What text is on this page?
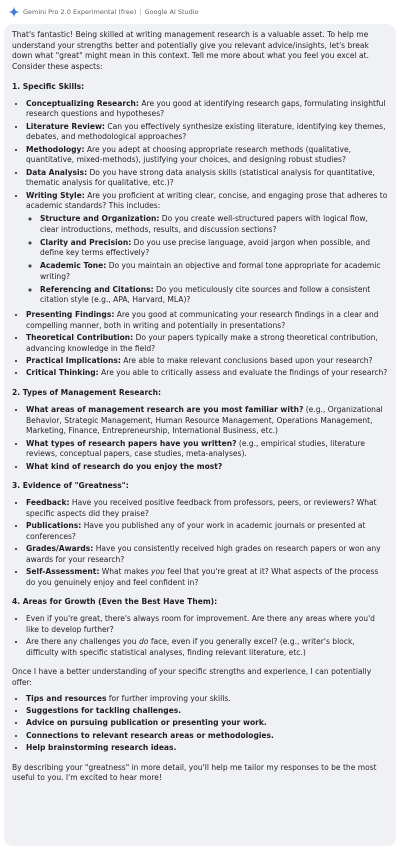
Gemini Pro 2.0 Experimental (free) | Google AI Studio

That's fantastic! Being skilled at writing management research is a valuable asset. To help me understand your strengths better and potentially give you relevant advice/insights, let's break down what "great" might mean in this context. Tell me more about what you feel you excel at. Consider these aspects:

1. Specific Skills:

• Conceptualizing Research: Are you good at identifying research gaps, formulating insightful research questions and hypotheses?
• Literature Review: Can you effectively synthesize existing literature, identifying key themes, debates, and methodological approaches?
• Methodology: Are you adept at choosing appropriate research methods (qualitative, quantitative, mixed-methods), justifying your choices, and designing robust studies?
• Data Analysis: Do you have strong data analysis skills (statistical analysis for quantitative, thematic analysis for qualitative, etc.)?
• Writing Style: Are you proficient at writing clear, concise, and engaging prose that adheres to academic standards? This includes:
◦ Structure and Organization: Do you create well-structured papers with logical flow, clear introductions, methods, results, and discussion sections?
◦ Clarity and Precision: Do you use precise language, avoid jargon when possible, and define key terms effectively?
◦ Academic Tone: Do you maintain an objective and formal tone appropriate for academic writing?
◦ Referencing and Citations: Do you meticulously cite sources and follow a consistent citation style (e.g., APA, Harvard, MLA)?
• Presenting Findings: Are you good at communicating your research findings in a clear and compelling manner, both in writing and potentially in presentations?
• Theoretical Contribution: Do your papers typically make a strong theoretical contribution, advancing knowledge in the field?
• Practical Implications: Are able to make relevant conclusions based upon your research?
• Critical Thinking: Are you able to critically assess and evaluate the findings of your research?

2. Types of Management Research:

• What areas of management research are you most familiar with? (e.g., Organizational Behavior, Strategic Management, Human Resource Management, Operations Management, Marketing, Finance, Entrepreneurship, International Business, etc.)
• What types of research papers have you written? (e.g., empirical studies, literature reviews, conceptual papers, case studies, meta-analyses).
• What kind of research do you enjoy the most?

3. Evidence of "Greatness":

• Feedback: Have you received positive feedback from professors, peers, or reviewers? What specific aspects did they praise?
• Publications: Have you published any of your work in academic journals or presented at conferences?
• Grades/Awards: Have you consistently received high grades on research papers or won any awards for your research?
• Self-Assessment: What makes you feel that you're great at it? What aspects of the process do you genuinely enjoy and feel confident in?

4. Areas for Growth (Even the Best Have Them):

• Even if you're great, there's always room for improvement. Are there any areas where you'd like to develop further?
• Are there any challenges you do face, even if you generally excel? (e.g., writer's block, difficulty with specific statistical analyses, finding relevant literature, etc.)

Once I have a better understanding of your specific strengths and experience, I can potentially offer:

• Tips and resources for further improving your skills.
• Suggestions for tackling challenges.
• Advice on pursuing publication or presenting your work.
• Connections to relevant research areas or methodologies.
• Help brainstorming research ideas.

By describing your "greatness" in more detail, you'll help me tailor my responses to be the most useful to you. I'm excited to hear more!
